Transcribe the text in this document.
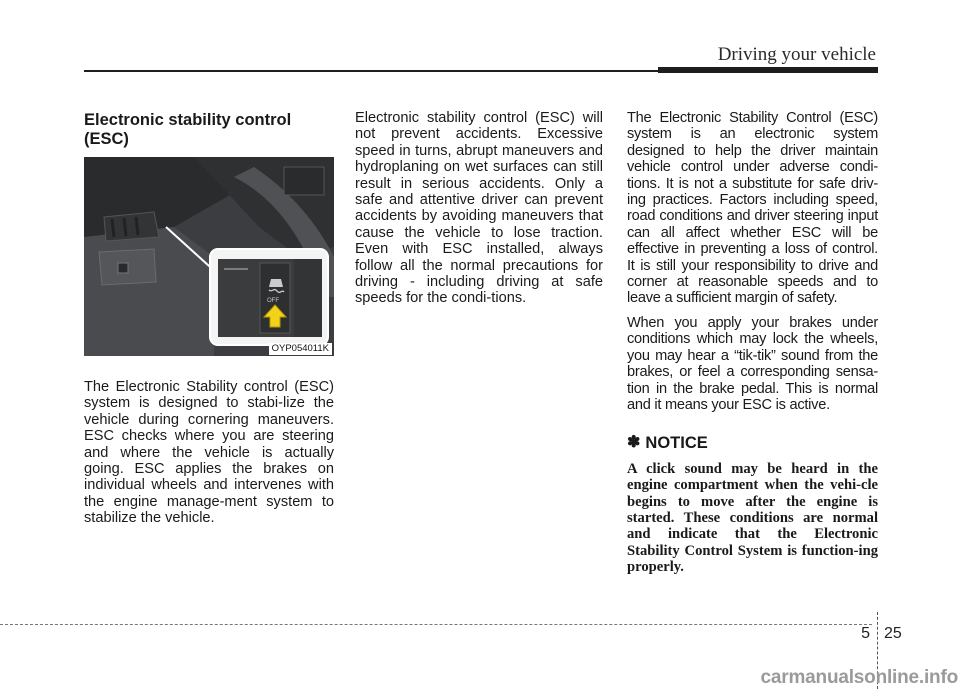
Driving your vehicle
Electronic stability control
(ESC)
OFF
OYP054011K

The Electronic Stability control (ESC) system is designed to stabi-lize the vehicle during cornering maneuvers. ESC checks where you are steering and where the vehicle is actually going. ESC applies the brakes on individual wheels and intervenes with the engine manage-ment system to stabilize the vehicle.

Electronic stability control (ESC) will not prevent accidents. Excessive speed in turns, abrupt maneuvers and hydroplaning on wet surfaces can still result in serious accidents. Only a safe and attentive driver can prevent accidents by avoiding maneuvers that cause the vehicle to lose traction. Even with ESC installed, always follow all the normal precautions for driving - including driving at safe speeds for the condi-tions.

The Electronic Stability Control (ESC) system is an electronic system designed to help the driver maintain vehicle control under adverse condi-tions. It is not a substitute for safe driv-ing practices. Factors including speed, road conditions and driver steering input can all affect whether ESC will be effective in preventing a loss of control. It is still your responsibility to drive and corner at reasonable speeds and to leave a sufficient margin of safety.

When you apply your brakes under conditions which may lock the wheels, you may hear a “tik-tik” sound from the brakes, or feel a corresponding sensa-tion in the brake pedal. This is normal and it means your ESC is active.

✽ NOTICE

A click sound may be heard in the engine compartment when the vehi-cle begins to move after the engine is started. These conditions are normal and indicate that the Electronic Stability Control System is function-ing properly.

5 25
carmanualsonline.info
